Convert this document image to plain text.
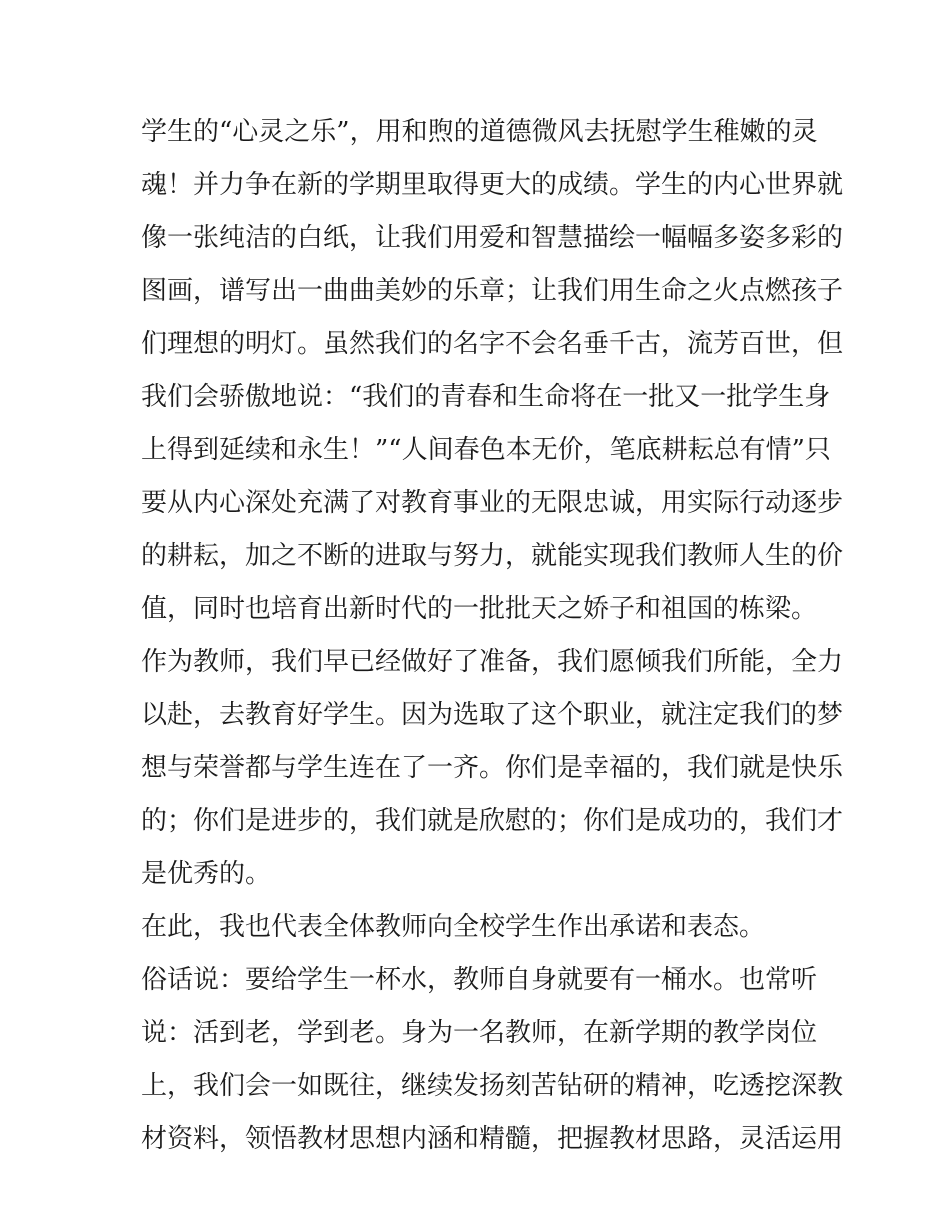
学生的“心灵之乐”，用和煦的道德微风去抚慰学生稚嫩的灵

魂！并力争在新的学期里取得更大的成绩。学生的内心世界就

像一张纯洁的白纸，让我们用爱和智慧描绘一幅幅多姿多彩的

图画，谱写出一曲曲美妙的乐章；让我们用生命之火点燃孩子

们理想的明灯。虽然我们的名字不会名垂千古，流芳百世，但

我们会骄傲地说：“我们的青春和生命将在一批又一批学生身

上得到延续和永生！”“人间春色本无价，笔底耕耘总有情”只

要从内心深处充满了对教育事业的无限忠诚，用实际行动逐步

的耕耘，加之不断的进取与努力，就能实现我们教师人生的价

值，同时也培育出新时代的一批批天之娇子和祖国的栋梁。

作为教师，我们早已经做好了准备，我们愿倾我们所能，全力

以赴，去教育好学生。因为选取了这个职业，就注定我们的梦

想与荣誉都与学生连在了一齐。你们是幸福的，我们就是快乐

的；你们是进步的，我们就是欣慰的；你们是成功的，我们才

是优秀的。

在此，我也代表全体教师向全校学生作出承诺和表态。

俗话说：要给学生一杯水，教师自身就要有一桶水。也常听

说：活到老，学到老。身为一名教师，在新学期的教学岗位

上，我们会一如既往，继续发扬刻苦钻研的精神，吃透挖深教

材资料，领悟教材思想内涵和精髓，把握教材思路，灵活运用
